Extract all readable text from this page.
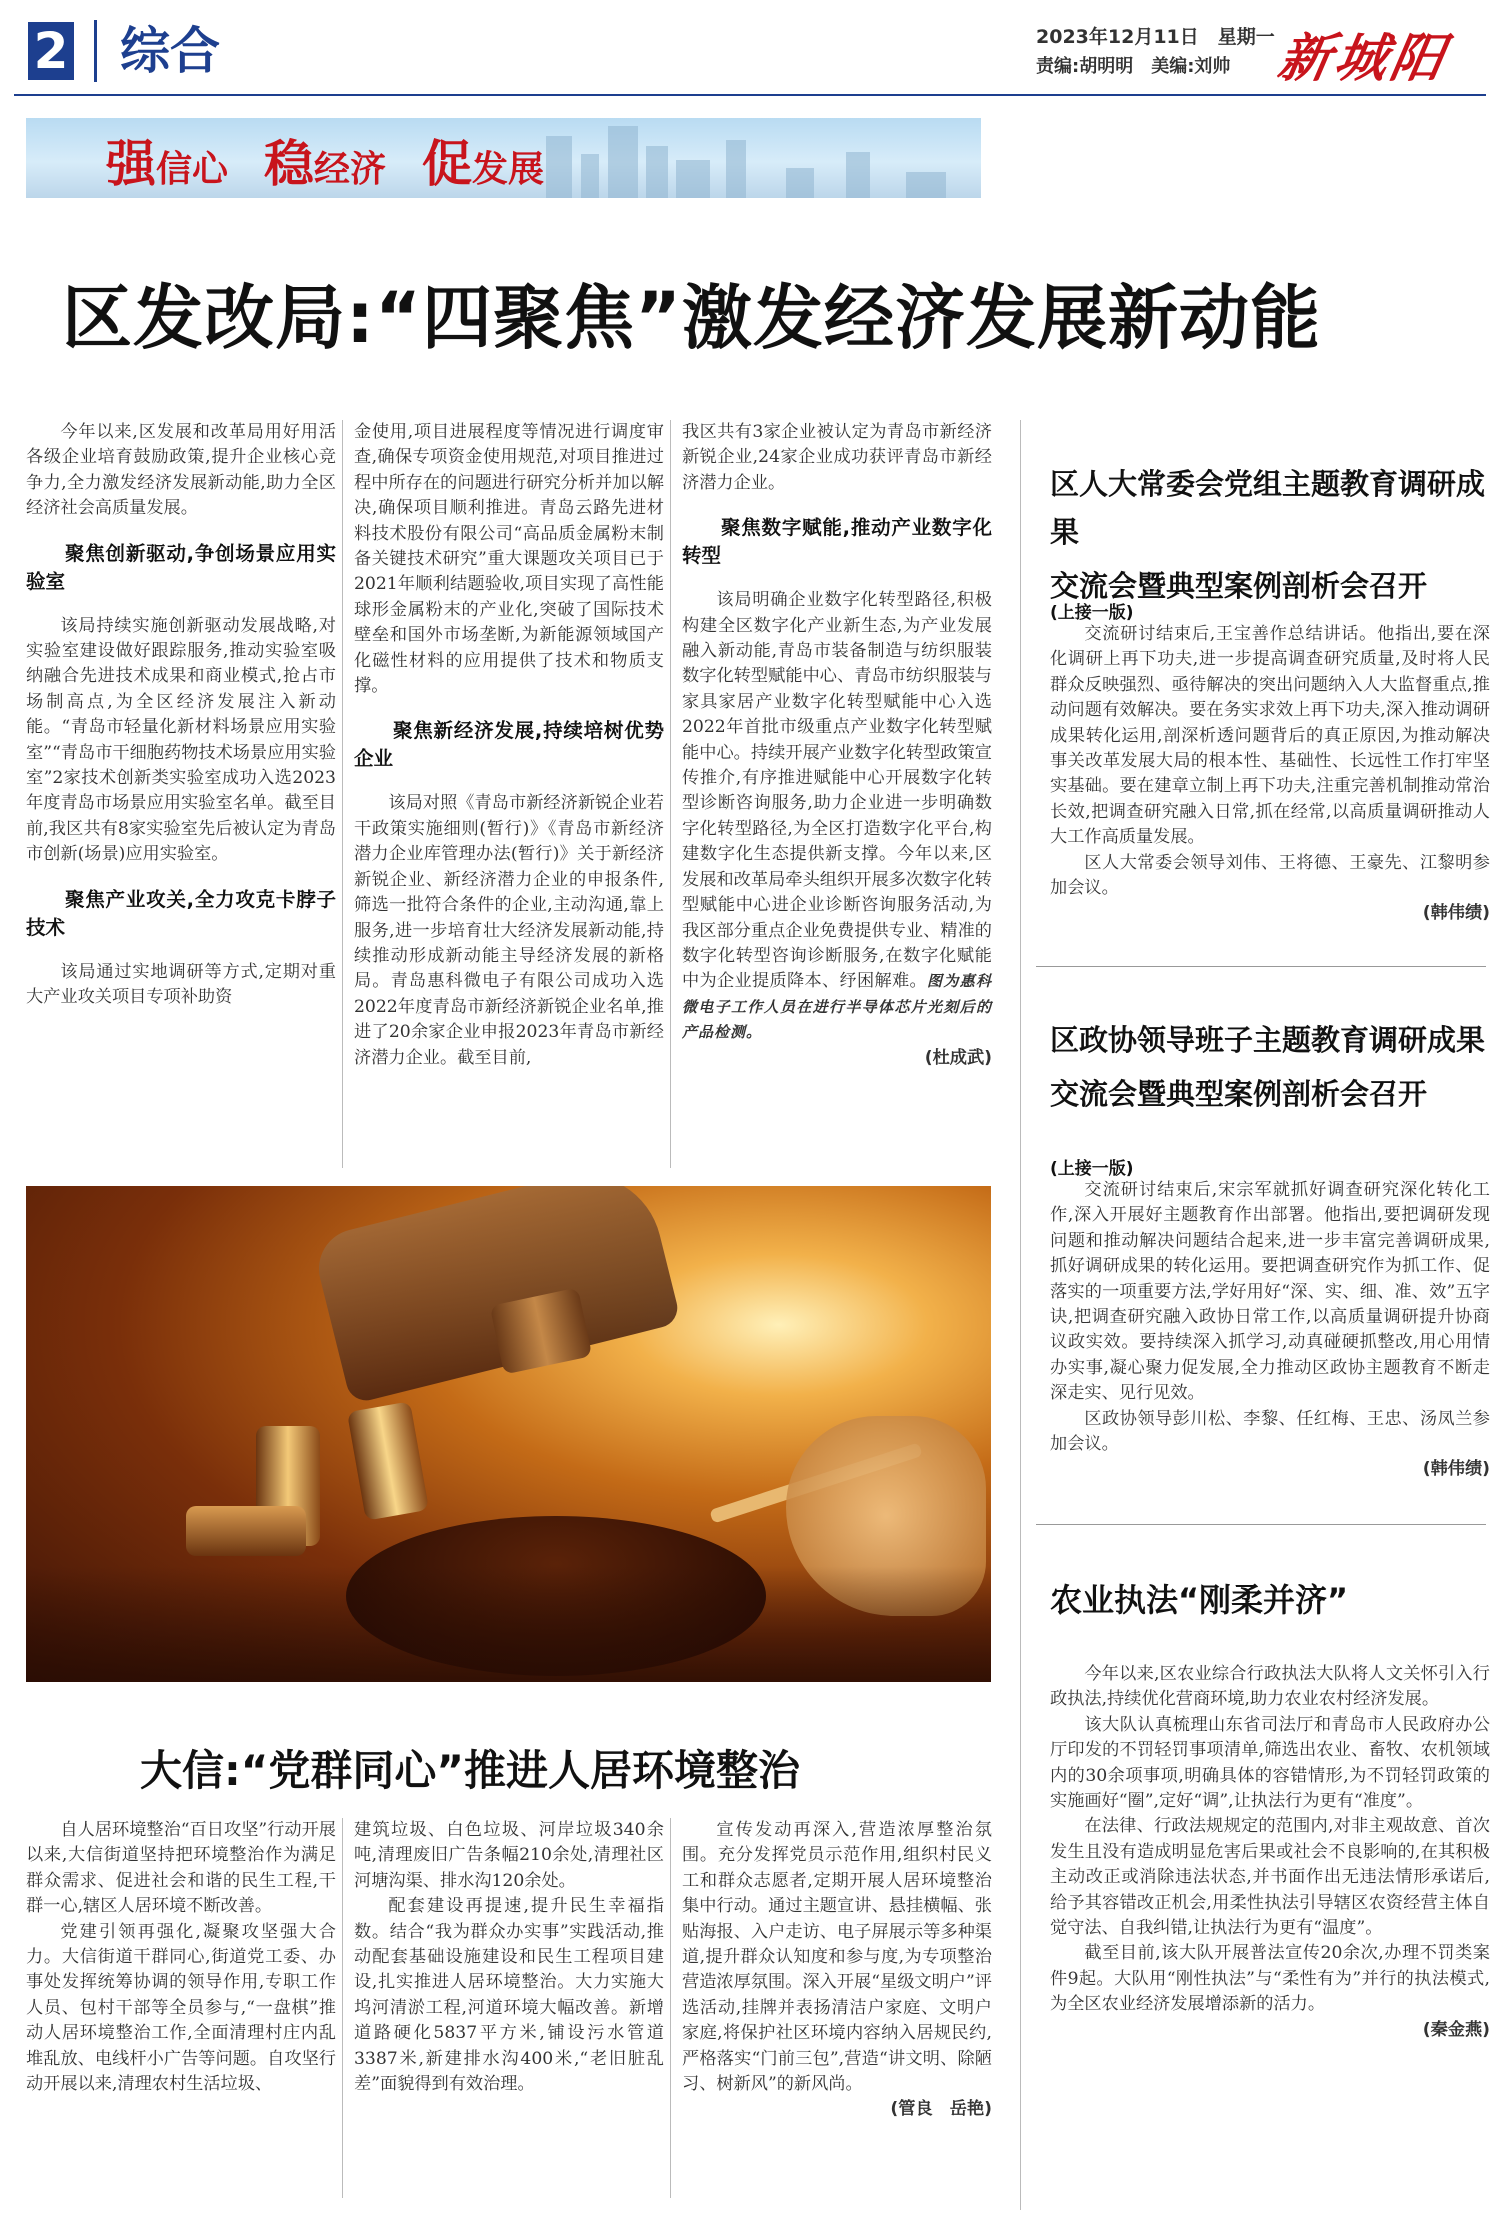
2 综合	2023年12月11日　星期一
责编:胡明明　美编:刘帅 新城阳
强信心 稳经济 促发展
区发改局:“四聚焦”激发经济发展新动能

今年以来,区发展和改革局用好用活各级企业培育鼓励政策,提升企业核心竞争力,全力激发经济发展新动能,助力全区经济社会高质量发展。

聚焦创新驱动,争创场景应用实验室

该局持续实施创新驱动发展战略,对实验室建设做好跟踪服务,推动实验室吸纳融合先进技术成果和商业模式,抢占市场制高点,为全区经济发展注入新动能。“青岛市轻量化新材料场景应用实验室”“青岛市干细胞药物技术场景应用实验室”2家技术创新类实验室成功入选2023年度青岛市场景应用实验室名单。截至目前,我区共有8家实验室先后被认定为青岛市创新(场景)应用实验室。

聚焦产业攻关,全力攻克卡脖子技术

该局通过实地调研等方式,定期对重大产业攻关项目专项补助资

金使用,项目进展程度等情况进行调度审查,确保专项资金使用规范,对项目推进过程中所存在的问题进行研究分析并加以解决,确保项目顺利推进。青岛云路先进材料技术股份有限公司“高品质金属粉末制备关键技术研究”重大课题攻关项目已于2021年顺利结题验收,项目实现了高性能球形金属粉末的产业化,突破了国际技术壁垒和国外市场垄断,为新能源领域国产化磁性材料的应用提供了技术和物质支撑。

聚焦新经济发展,持续培树优势企业

该局对照《青岛市新经济新锐企业若干政策实施细则(暂行)》《青岛市新经济潜力企业库管理办法(暂行)》关于新经济新锐企业、新经济潜力企业的申报条件,筛选一批符合条件的企业,主动沟通,靠上服务,进一步培育壮大经济发展新动能,持续推动形成新动能主导经济发展的新格局。青岛惠科微电子有限公司成功入选2022年度青岛市新经济新锐企业名单,推进了20余家企业申报2023年青岛市新经济潜力企业。截至目前,

我区共有3家企业被认定为青岛市新经济新锐企业,24家企业成功获评青岛市新经济潜力企业。

聚焦数字赋能,推动产业数字化转型

该局明确企业数字化转型路径,积极构建全区数字化产业新生态,为产业发展融入新动能,青岛市装备制造与纺织服装数字化转型赋能中心、青岛市纺织服装与家具家居产业数字化转型赋能中心入选2022年首批市级重点产业数字化转型赋能中心。持续开展产业数字化转型政策宣传推介,有序推进赋能中心开展数字化转型诊断咨询服务,助力企业进一步明确数字化转型路径,为全区打造数字化平台,构建数字化生态提供新支撑。今年以来,区发展和改革局牵头组织开展多次数字化转型赋能中心进企业诊断咨询服务活动,为我区部分重点企业免费提供专业、精准的数字化转型咨询诊断服务,在数字化赋能中为企业提质降本、纾困解难。图为惠科微电子工作人员在进行半导体芯片光刻后的产品检测。

(杜成武)
大信:“党群同心”推进人居环境整治

自人居环境整治“百日攻坚”行动开展以来,大信街道坚持把环境整治作为满足群众需求、促进社会和谐的民生工程,干群一心,辖区人居环境不断改善。

党建引领再强化,凝聚攻坚强大合力。大信街道干群同心,街道党工委、办事处发挥统筹协调的领导作用,专职工作人员、包村干部等全员参与,“一盘棋”推动人居环境整治工作,全面清理村庄内乱堆乱放、电线杆小广告等问题。自攻坚行动开展以来,清理农村生活垃圾、

建筑垃圾、白色垃圾、河岸垃圾340余吨,清理废旧广告条幅210余处,清理社区河塘沟渠、排水沟120余处。

配套建设再提速,提升民生幸福指数。结合“我为群众办实事”实践活动,推动配套基础设施建设和民生工程项目建设,扎实推进人居环境整治。大力实施大坞河清淤工程,河道环境大幅改善。新增道路硬化5837平方米,铺设污水管道3387米,新建排水沟400米,“老旧脏乱差”面貌得到有效治理。

宣传发动再深入,营造浓厚整治氛围。充分发挥党员示范作用,组织村民义工和群众志愿者,定期开展人居环境整治集中行动。通过主题宣讲、悬挂横幅、张贴海报、入户走访、电子屏展示等多种渠道,提升群众认知度和参与度,为专项整治营造浓厚氛围。深入开展“星级文明户”评选活动,挂牌并表扬清洁户家庭、文明户家庭,将保护社区环境内容纳入居规民约,严格落实“门前三包”,营造“讲文明、除陋习、树新风”的新风尚。

(管良　岳艳)
区人大常委会党组主题教育调研成果
交流会暨典型案例剖析会召开
(上接一版)

交流研讨结束后,王宝善作总结讲话。他指出,要在深化调研上再下功夫,进一步提高调查研究质量,及时将人民群众反映强烈、亟待解决的突出问题纳入人大监督重点,推动问题有效解决。要在务实求效上再下功夫,深入推动调研成果转化运用,剖深析透问题背后的真正原因,为推动解决事关改革发展大局的根本性、基础性、长远性工作打牢坚实基础。要在建章立制上再下功夫,注重完善机制推动常治长效,把调查研究融入日常,抓在经常,以高质量调研推动人大工作高质量发展。

区人大常委会领导刘伟、王将德、王豪先、江黎明参加会议。

(韩伟绩)
区政协领导班子主题教育调研成果
交流会暨典型案例剖析会召开
(上接一版)

交流研讨结束后,宋宗军就抓好调查研究深化转化工作,深入开展好主题教育作出部署。他指出,要把调研发现问题和推动解决问题结合起来,进一步丰富完善调研成果,抓好调研成果的转化运用。要把调查研究作为抓工作、促落实的一项重要方法,学好用好“深、实、细、准、效”五字诀,把调查研究融入政协日常工作,以高质量调研提升协商议政实效。要持续深入抓学习,动真碰硬抓整改,用心用情办实事,凝心聚力促发展,全力推动区政协主题教育不断走深走实、见行见效。

区政协领导彭川松、李黎、任红梅、王忠、汤凤兰参加会议。

(韩伟绩)
农业执法“刚柔并济”

今年以来,区农业综合行政执法大队将人文关怀引入行政执法,持续优化营商环境,助力农业农村经济发展。

该大队认真梳理山东省司法厅和青岛市人民政府办公厅印发的不罚轻罚事项清单,筛选出农业、畜牧、农机领域内的30余项事项,明确具体的容错情形,为不罚轻罚政策的实施画好“圈”,定好“调”,让执法行为更有“准度”。

在法律、行政法规规定的范围内,对非主观故意、首次发生且没有造成明显危害后果或社会不良影响的,在其积极主动改正或消除违法状态,并书面作出无违法情形承诺后,给予其容错改正机会,用柔性执法引导辖区农资经营主体自觉守法、自我纠错,让执法行为更有“温度”。

截至目前,该大队开展普法宣传20余次,办理不罚类案件9起。大队用“刚性执法”与“柔性有为”并行的执法模式,为全区农业经济发展增添新的活力。

(秦金燕)
